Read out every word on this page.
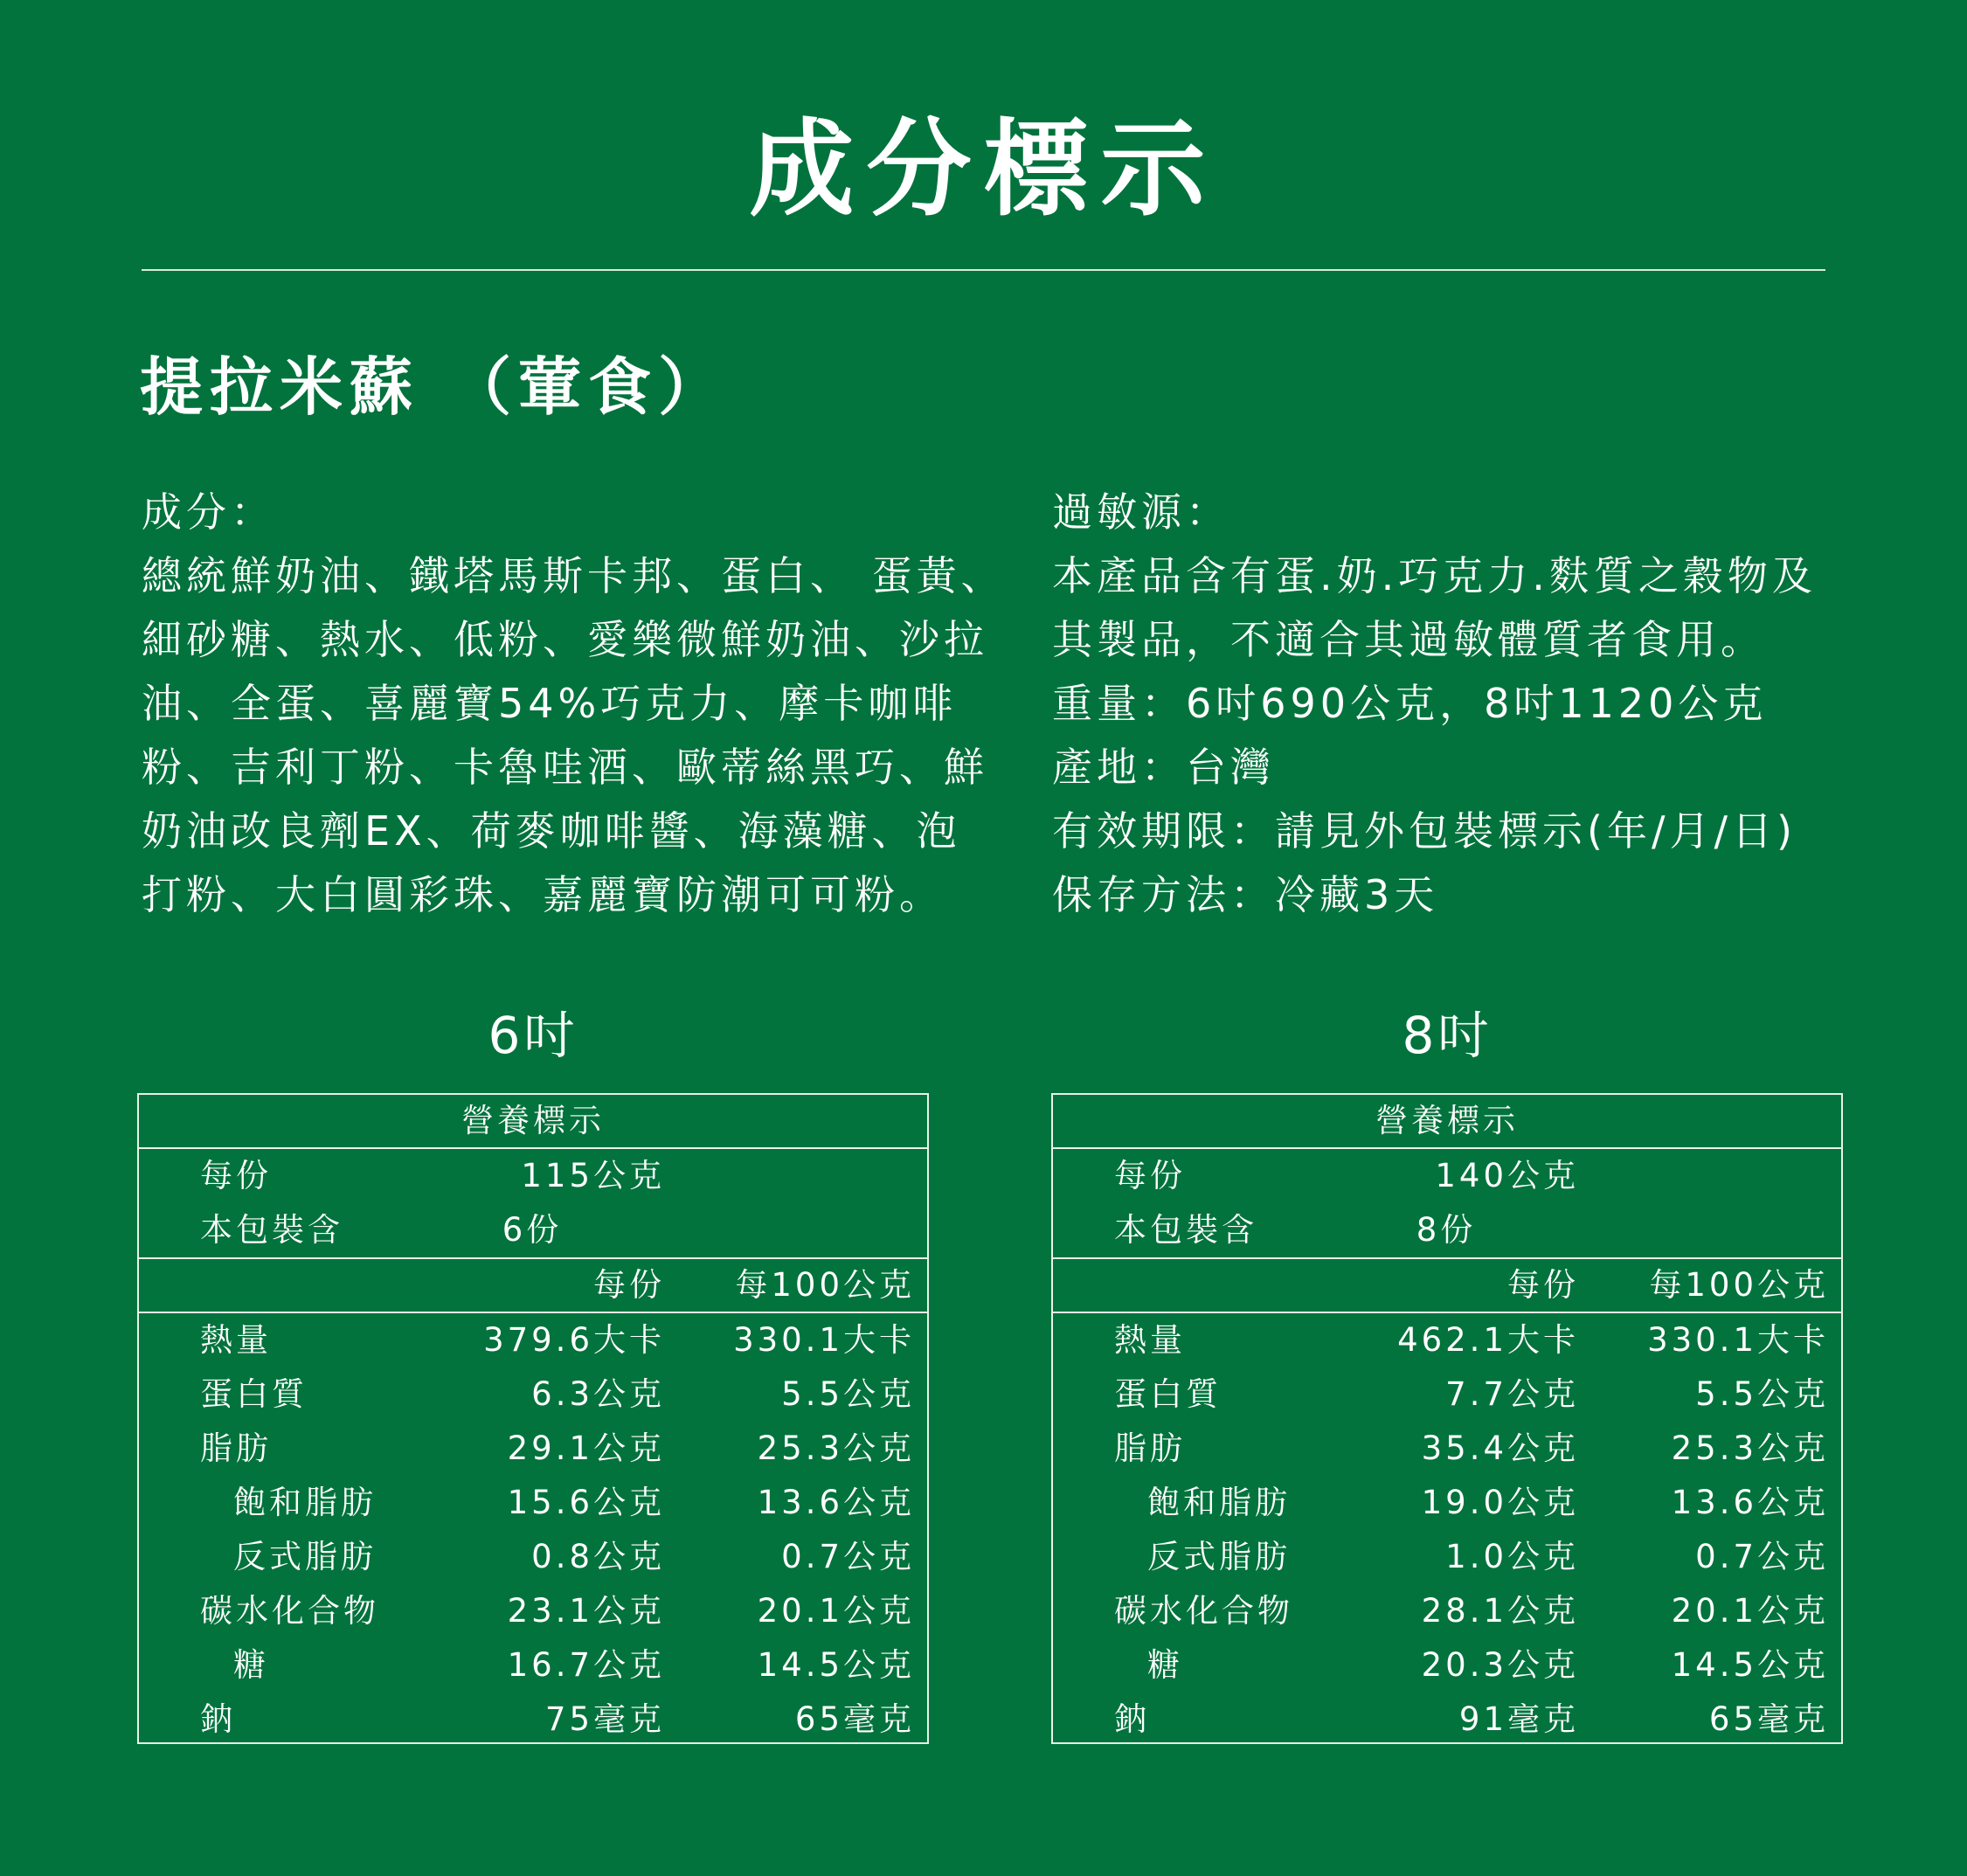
成分標示
提拉米蘇 （葷食）
成分：
總統鮮奶油、鐵塔馬斯卡邦、蛋白、 蛋黃、
細砂糖、熱水、低粉、愛樂微鮮奶油、沙拉
油、全蛋、喜麗寶54%巧克力、摩卡咖啡
粉、吉利丁粉、卡魯哇酒、歐蒂絲黑巧、鮮
奶油改良劑EX、荷麥咖啡醬、海藻糖、泡
打粉、大白圓彩珠、嘉麗寶防潮可可粉。
過敏源：
本產品含有蛋.奶.巧克力.麩質之穀物及
其製品，不適合其過敏體質者食用。
重量：6吋690公克，8吋1120公克
產地：台灣
有效期限：請見外包裝標示(年/月/日)
保存方法：冷藏3天
6吋
營養標示
每份	115公克
本包裝含	6份
每份 每100公克
熱量	379.6大卡 330.1大卡
蛋白質	6.3公克	5.5公克
脂肪	29.1公克	25.3公克
飽和脂肪	15.6公克	13.6公克
反式脂肪	0.8公克	0.7公克
碳水化合物	23.1公克	20.1公克
糖	16.7公克	14.5公克
鈉	75毫克	65毫克
8吋
營養標示
每份	140公克
本包裝含	8份
每份 每100公克
熱量	462.1大卡 330.1大卡
蛋白質	7.7公克	5.5公克
脂肪	35.4公克	25.3公克
飽和脂肪	19.0公克	13.6公克
反式脂肪	1.0公克	0.7公克
碳水化合物	28.1公克	20.1公克
糖	20.3公克	14.5公克
鈉	91毫克	65毫克
